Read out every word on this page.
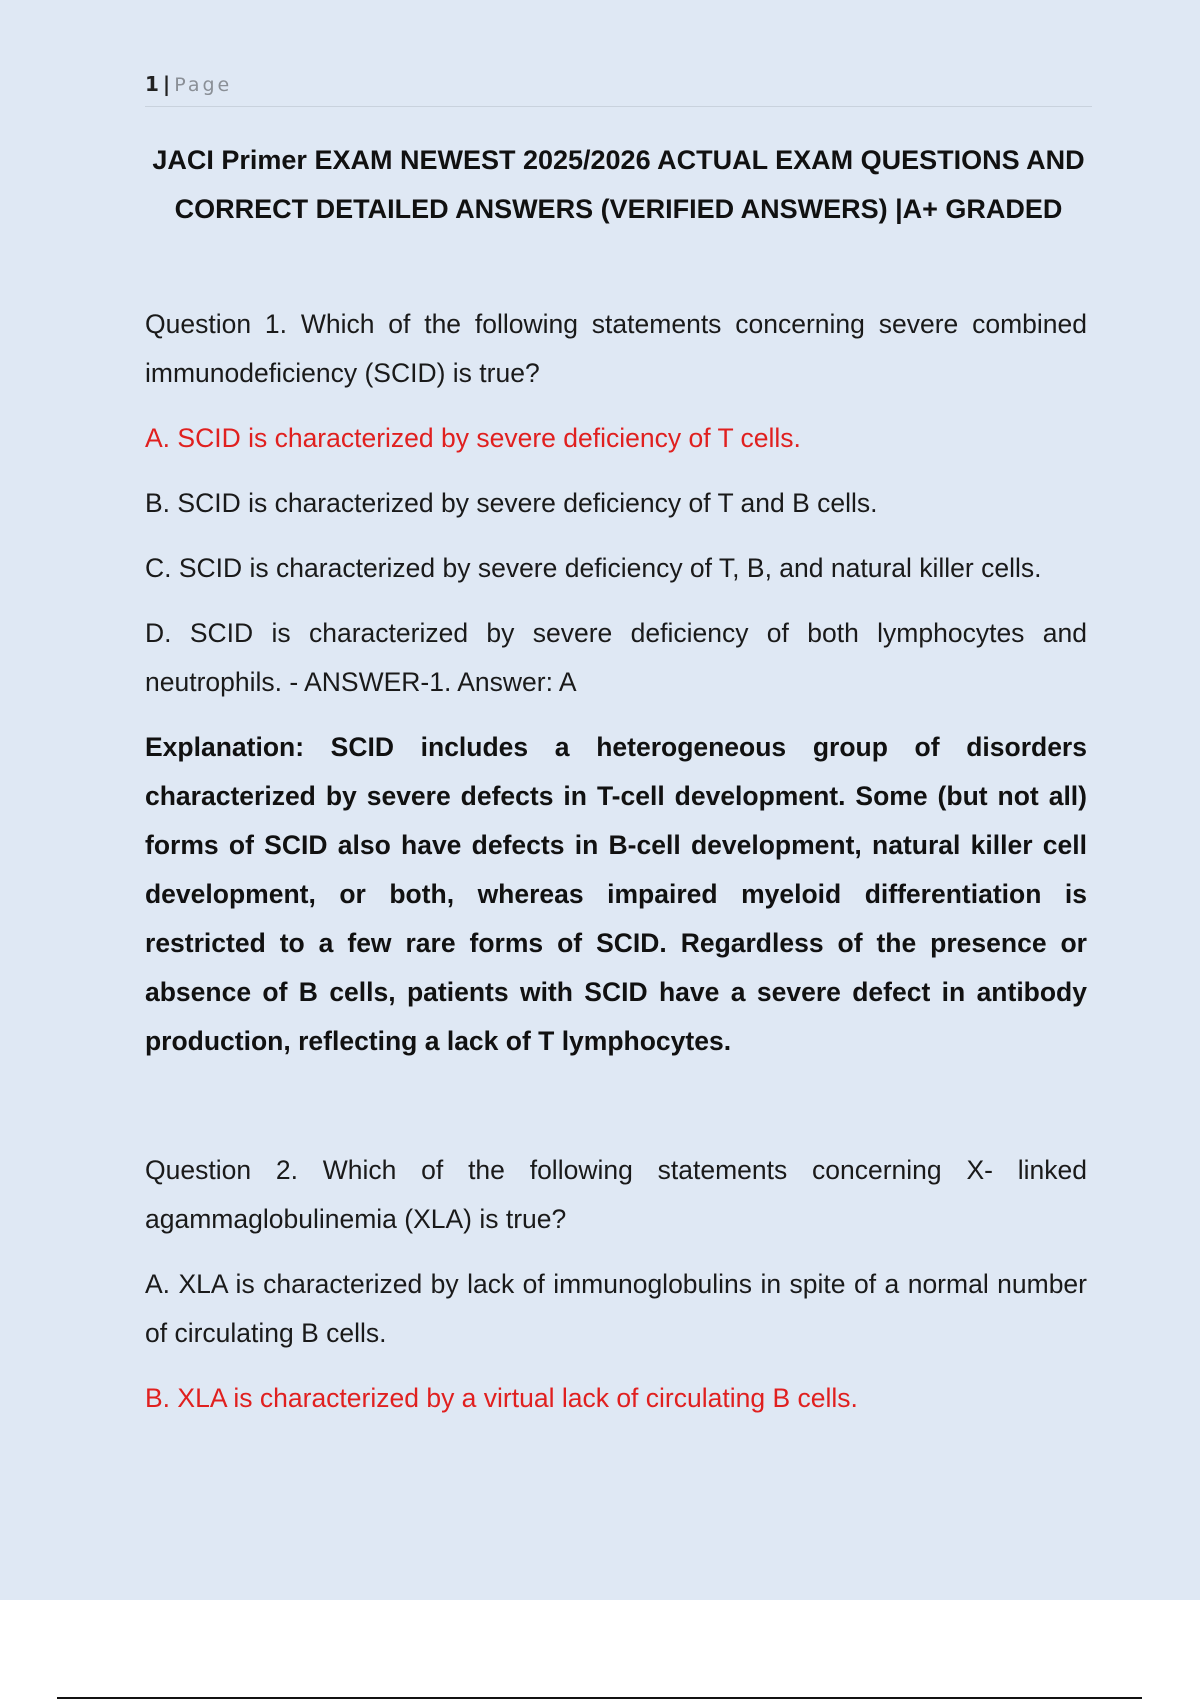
1 | Page
JACI Primer EXAM NEWEST 2025/2026 ACTUAL EXAM QUESTIONS AND CORRECT DETAILED ANSWERS (VERIFIED ANSWERS) |A+ GRADED

Question 1. Which of the following statements concerning severe combined immunodeficiency (SCID) is true?

A. SCID is characterized by severe deficiency of T cells.

B. SCID is characterized by severe deficiency of T and B cells.

C. SCID is characterized by severe deficiency of T, B, and natural killer cells.

D. SCID is characterized by severe deficiency of both lymphocytes and neutrophils. - ANSWER-1. Answer: A

Explanation: SCID includes a heterogeneous group of disorders characterized by severe defects in T-cell development. Some (but not all) forms of SCID also have defects in B-cell development, natural killer cell development, or both, whereas impaired myeloid differentiation is restricted to a few rare forms of SCID. Regardless of the presence or absence of B cells, patients with SCID have a severe defect in antibody production, reflecting a lack of T lymphocytes.

Question 2. Which of the following statements concerning X- linked agammaglobulinemia (XLA) is true?

A. XLA is characterized by lack of immunoglobulins in spite of a normal number of circulating B cells.

B. XLA is characterized by a virtual lack of circulating B cells.
